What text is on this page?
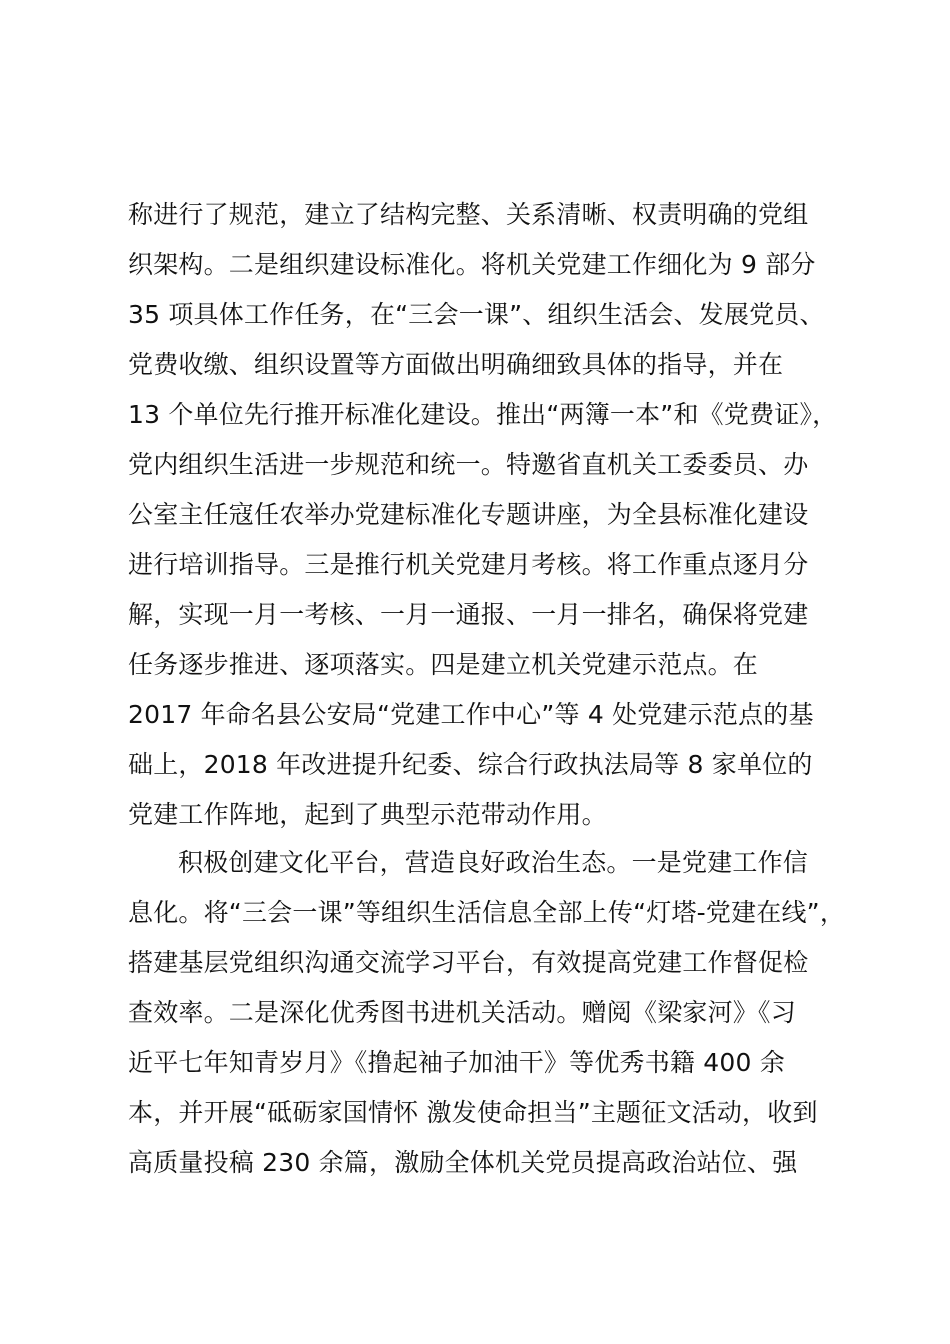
称进行了规范，建立了结构完整、关系清晰、权责明确的党组
织架构。二是组织建设标准化。将机关党建工作细化为 9 部分
35 项具体工作任务，在“三会一课”、组织生活会、发展党员、
党费收缴、组织设置等方面做出明确细致具体的指导，并在
13 个单位先行推开标准化建设。推出“两簿一本”和《党费证》，
党内组织生活进一步规范和统一。特邀省直机关工委委员、办
公室主任寇任农举办党建标准化专题讲座，为全县标准化建设
进行培训指导。三是推行机关党建月考核。将工作重点逐月分
解，实现一月一考核、一月一通报、一月一排名，确保将党建
任务逐步推进、逐项落实。四是建立机关党建示范点。在
2017 年命名县公安局“党建工作中心”等 4 处党建示范点的基
础上，2018 年改进提升纪委、综合行政执法局等 8 家单位的
党建工作阵地，起到了典型示范带动作用。
积极创建文化平台，营造良好政治生态。一是党建工作信
息化。将“三会一课”等组织生活信息全部上传“灯塔-党建在线”，
搭建基层党组织沟通交流学习平台，有效提高党建工作督促检
查效率。二是深化优秀图书进机关活动。赠阅《梁家河》《习
近平七年知青岁月》《撸起袖子加油干》等优秀书籍 400 余
本，并开展“砥砺家国情怀 激发使命担当”主题征文活动，收到
高质量投稿 230 余篇，激励全体机关党员提高政治站位、强
